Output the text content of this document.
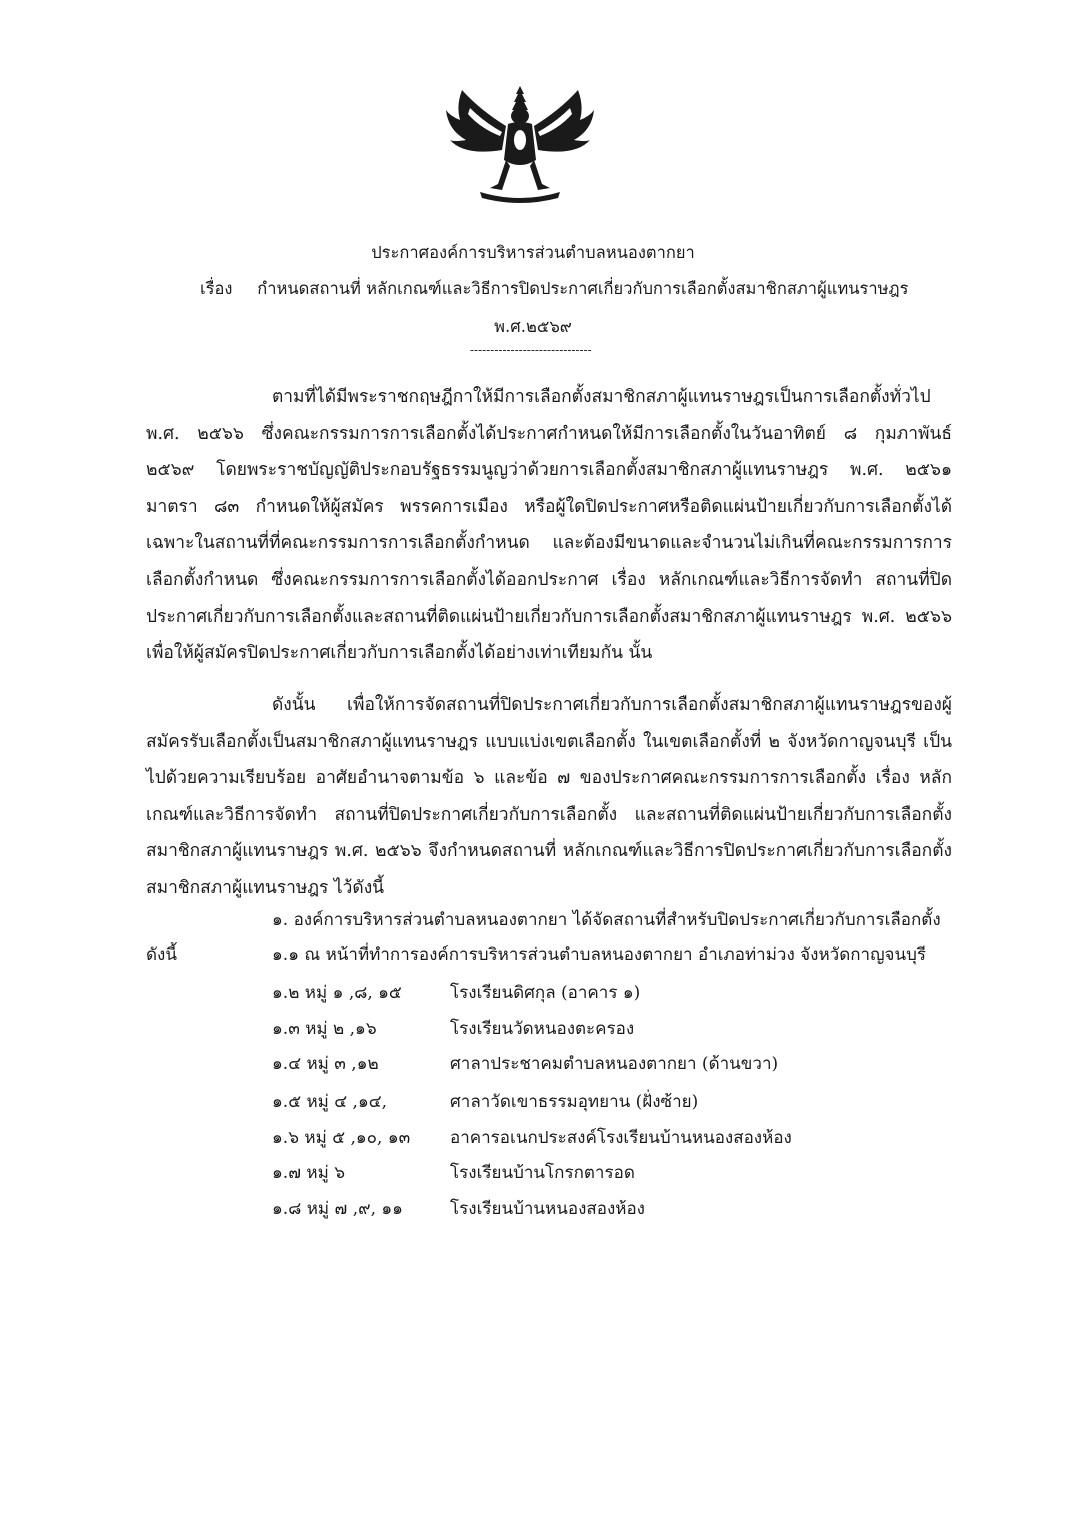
ประกาศองค์การบริหารส่วนตำบลหนองตากยา
เรื่อง กำหนดสถานที่ หลักเกณฑ์และวิธีการปิดประกาศเกี่ยวกับการเลือกตั้งสมาชิกสภาผู้แทนราษฎร
พ.ศ.๒๕๖๙
------------------------------

ตามที่ได้มีพระราชกฤษฎีกาให้มีการเลือกตั้งสมาชิกสภาผู้แทนราษฎรเป็นการเลือกตั้งทั่วไป พ.ศ. ๒๕๖๖ ซึ่งคณะกรรมการการเลือกตั้งได้ประกาศกำหนดให้มีการเลือกตั้งในวันอาทิตย์ ๘ กุมภาพันธ์ ๒๕๖๙ โดยพระราชบัญญัติประกอบรัฐธรรมนูญว่าด้วยการเลือกตั้งสมาชิกสภาผู้แทนราษฎร พ.ศ. ๒๕๖๑ มาตรา ๘๓ กำหนดให้ผู้สมัคร พรรคการเมือง หรือผู้ใดปิดประกาศหรือติดแผ่นป้ายเกี่ยวกับการเลือกตั้งได้เฉพาะในสถานที่ที่คณะกรรมการการเลือกตั้งกำหนด และต้องมีขนาดและจำนวนไม่เกินที่คณะกรรมการการเลือกตั้งกำหนด ซึ่งคณะกรรมการการเลือกตั้งได้ออกประกาศ เรื่อง หลักเกณฑ์และวิธีการจัดทำ สถานที่ปิดประกาศเกี่ยวกับการเลือกตั้งและสถานที่ติดแผ่นป้ายเกี่ยวกับการเลือกตั้งสมาชิกสภาผู้แทนราษฎร พ.ศ. ๒๕๖๖ เพื่อให้ผู้สมัครปิดประกาศเกี่ยวกับการเลือกตั้งได้อย่างเท่าเทียมกัน นั้น

ดังนั้น เพื่อให้การจัดสถานที่ปิดประกาศเกี่ยวกับการเลือกตั้งสมาชิกสภาผู้แทนราษฎรของผู้สมัครรับเลือกตั้งเป็นสมาชิกสภาผู้แทนราษฎร แบบแบ่งเขตเลือกตั้ง ในเขตเลือกตั้งที่ ๒ จังหวัดกาญจนบุรี เป็นไปด้วยความเรียบร้อย อาศัยอำนาจตามข้อ ๖ และข้อ ๗ ของประกาศคณะกรรมการการเลือกตั้ง เรื่อง หลักเกณฑ์และวิธีการจัดทำ สถานที่ปิดประกาศเกี่ยวกับการเลือกตั้ง และสถานที่ติดแผ่นป้ายเกี่ยวกับการเลือกตั้งสมาชิกสภาผู้แทนราษฎร พ.ศ. ๒๕๖๖ จึงกำหนดสถานที่ หลักเกณฑ์และวิธีการปิดประกาศเกี่ยวกับการเลือกตั้งสมาชิกสภาผู้แทนราษฎร ไว้ดังนี้

๑. องค์การบริหารส่วนตำบลหนองตากยา ได้จัดสถานที่สำหรับปิดประกาศเกี่ยวกับการเลือกตั้ง
ดังนี้	๑.๑ ณ หน้าที่ทำการองค์การบริหารส่วนตำบลหนองตากยา อำเภอท่าม่วง จังหวัดกาญจนบุรี
๑.๒ หมู่ ๑ ,๘, ๑๕	โรงเรียนดิศกุล (อาคาร ๑)
๑.๓ หมู่ ๒ ,๑๖	โรงเรียนวัดหนองตะครอง
๑.๔ หมู่ ๓ ,๑๒	ศาลาประชาคมตำบลหนองตากยา (ด้านขวา)
๑.๕ หมู่ ๔ ,๑๔,	ศาลาวัดเขาธรรมอุทยาน (ฝั่งซ้าย)
๑.๖ หมู่ ๕ ,๑๐, ๑๓ อาคารอเนกประสงค์โรงเรียนบ้านหนองสองห้อง
๑.๗ หมู่ ๖	โรงเรียนบ้านโกรกตารอด
๑.๘ หมู่ ๗ ,๙, ๑๑	โรงเรียนบ้านหนองสองห้อง
